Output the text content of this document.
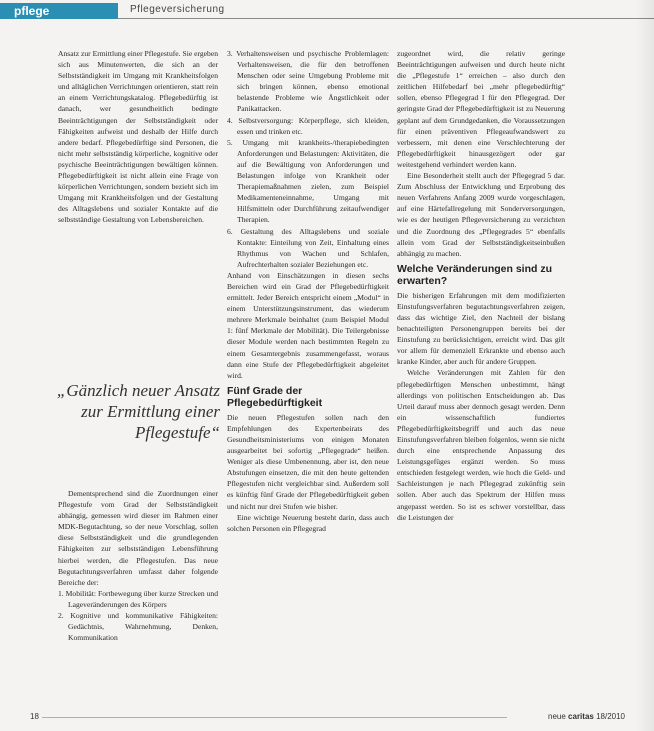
pflege	Pflegeversicherung

Ansatz zur Ermittlung einer Pflegestufe. Sie ergeben sich aus Minutenwerten, die sich an der Selbstständigkeit im Umgang mit Krankheitsfolgen und alltäglichen Verrichtungen orientieren, statt rein an einem Verrichtungskatalog. Pflegebedürftig ist danach, wer gesundheitlich bedingte Beeinträchtigungen der Selbstständigkeit oder Fähigkeiten aufweist und deshalb der Hilfe durch andere bedarf. Pflegebedürftige sind Personen, die nicht mehr selbstständig körperliche, kognitive oder psychische Beeinträchtigungen bewältigen können. Pflegebedürftigkeit ist nicht allein eine Frage von körperlichen Verrichtungen, sondern bezieht sich im Umgang mit Krankheitsfolgen und der Gestaltung des Alltagslebens und sozialer Kontakte auf die selbstständige Gestaltung von Lebensbereichen.

„Gänzlich neuer Ansatz zur Ermittlung einer Pflegestufe“

Dementsprechend sind die Zuordnungen einer Pflegestufe vom Grad der Selbstständigkeit abhängig, gemessen wird dieser im Rahmen einer MDK-Begutachtung, so der neue Vorschlag, sollen diese Selbstständigkeit und die grundlegenden Fähigkeiten zur selbstständigen Lebensführung hierbei werden, die Pflegestufen. Das neue Begutachtungsverfahren umfasst daher folgende Bereiche der:

1. Mobilität: Fortbewegung über kurze Strecken und Lageveränderungen des Körpers
2. Kognitive und kommunikative Fähigkeiten: Gedächtnis, Wahrnehmung, Denken, Kommunikation
3. Verhaltensweisen und psychische Problemlagen: Verhaltensweisen, die für den betroffenen Menschen oder seine Umgebung Probleme mit sich bringen können, ebenso emotional belastende Probleme wie Ängstlichkeit oder Panikattacken.
4. Selbstversorgung: Körperpflege, sich kleiden, essen und trinken etc.
5. Umgang mit krankheits-/therapiebedingten Anforderungen und Belastungen: Aktivitäten, die auf die Bewältigung von Anforderungen und Belastungen infolge von Krankheit oder Therapiemaßnahmen zielen, zum Beispiel Medikamenteneinnahme, Umgang mit Hilfsmitteln oder Durchführung zeitaufwendiger Therapien.
6. Gestaltung des Alltagslebens und soziale Kontakte: Einteilung von Zeit, Einhaltung eines Rhythmus von Wachen und Schlafen, Aufrechterhalten sozialer Beziehungen etc.

Anhand von Einschätzungen in diesen sechs Bereichen wird ein Grad der Pflegebedürftigkeit ermittelt. Jeder Bereich entspricht einem „Modul“ in einem Unterstützungsinstrument, das wiederum mehrere Merkmale beinhaltet (zum Beispiel Modul 1: fünf Merkmale der Mobilität). Die Teilergebnisse dieser Module werden nach bestimmten Regeln zu einem Gesamtergebnis zusammengefasst, woraus dann eine Stufe der Pflegebedürftigkeit abgeleitet wird.

Fünf Grade der Pflegebedürftigkeit

Die neuen Pflegestufen sollen nach den Empfehlungen des Expertenbeirats des Gesundheitsministeriums von einigen Monaten ausgearbeitet bei sofortig „Pflegegrade“ heißen. Weniger als diese Umbenennung, aber ist, den neue Abstufungen einsetzen, die mit den heute geltenden Pflegestufen nicht vergleichbar sind. Außerdem soll es künftig fünf Grade der Pflegebedürftigkeit geben und nicht nur drei Stufen wie bisher.

Eine wichtige Neuerung besteht darin, dass auch solchen Personen ein Pflegegrad

zugeordnet wird, die relativ geringe Beeinträchtigungen aufweisen und durch heute nicht die „Pflegestufe 1“ erreichen – also durch den zeitlichen Hilfebedarf bei „mehr pflegebedürftig“ sollen, ebenso Pflegegrad I für den Pflegegrad. Der geringste Grad der Pflegebedürftigkeit ist zu Neuerung geplant auf dem Grundgedanken, die Voraussetzungen für einen präventiven Pflegeaufwandswert zu verbessern, mit denen eine Verschlechterung der Pflegebedürftigkeit hinausgezögert oder gar weitestgehend verhindert werden kann.

Eine Besonderheit stellt auch der Pflegegrad 5 dar. Zum Abschluss der Entwicklung und Erprobung des neuen Verfahrens Anfang 2009 wurde vorgeschlagen, auf eine Härtefallregelung mit Sonderversorgungen, wie es der heutigen Pflegeversicherung zu verzichten und die Zuordnung des „Pflegegrades 5“ ebenfalls allein vom Grad der Selbstständigkeitseinbußen abhängig zu machen.

Welche Veränderungen sind zu erwarten?

Die bisherigen Erfahrungen mit dem modifizierten Einstufungsverfahren begutachtungsverfahren zeigen, dass das wichtige Ziel, den Nachteil der bislang benachteiligten Personengruppen bereits bei der Einstufung zu berücksichtigen, erreicht wird. Das gilt vor allem für demenziell Erkrankte und ebenso auch kranke Kinder, aber auch für andere Gruppen.

Welche Veränderungen mit Zahlen für den pflegebedürftigen Menschen unbestimmt, hängt allerdings von politischen Entscheidungen ab. Das Urteil darauf muss aber dennoch gesagt werden. Denn ein wissenschaftlich fundiertes Pflegebedürftigkeitsbegriff und auch das neue Einstufungsverfahren bleiben folgenlos, wenn sie nicht durch eine entsprechende Anpassung des Leistungsgefüges ergänzt werden. So muss entschieden festgelegt werden, wie hoch die Geld- und Sachleistungen je nach Pflegegrad zukünftig sein sollen. Aber auch das Spektrum der Hilfen muss angepasst werden. So ist es schwer vorstellbar, dass die Leistungen der

18	neue caritas 18/2010
